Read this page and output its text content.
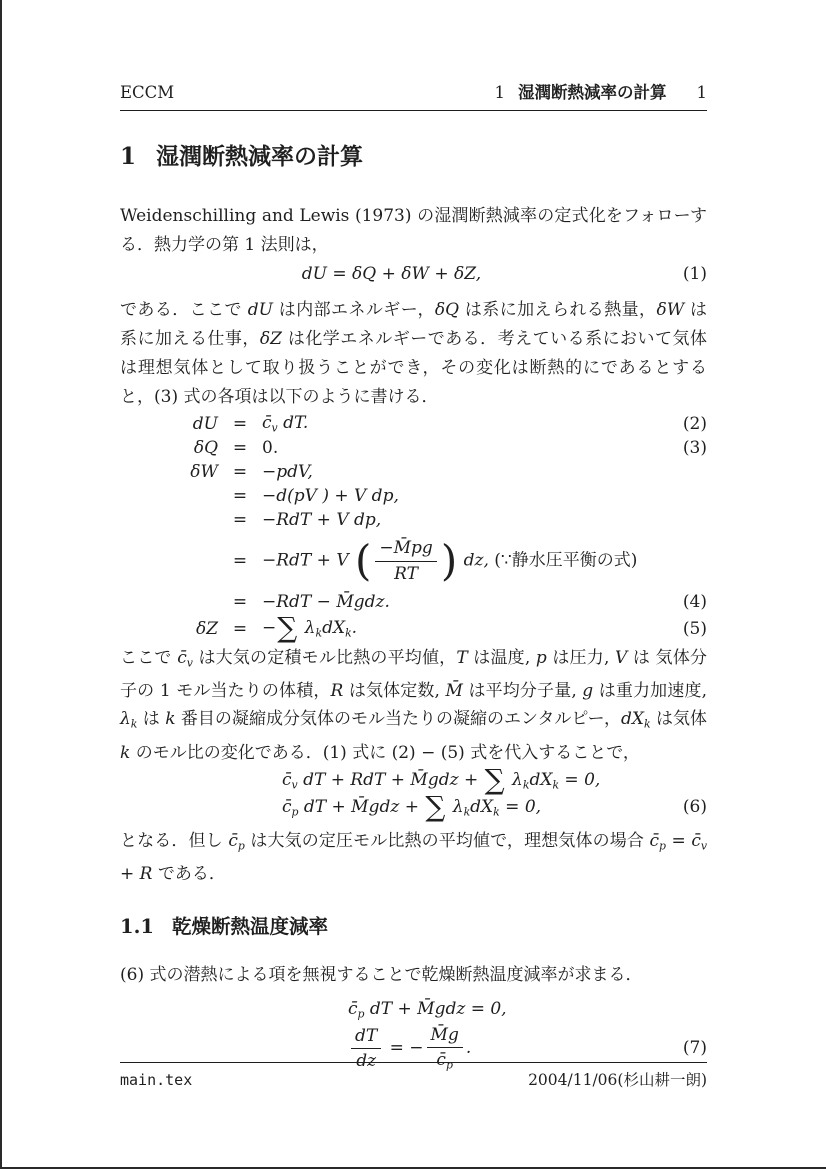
ECCM	1 湿潤断熱減率の計算 1
1 湿潤断熱減率の計算

Weidenschilling and Lewis (1973) の湿潤断熱減率の定式化をフォローする．熱力学の第 1 法則は，

dU = δQ + δW + δZ,	(1)

である．ここで dU は内部エネルギー，δQ は系に加えられる熱量，δW は系に加える仕事，δZ は化学エネルギーである．考えている系において気体は理想気体として取り扱うことができ，その変化は断熱的にであるとすると，(3) 式の各項は以下のように書ける．

dU = $c̄_v$ dT.	(2)
δQ = 0.	(3)
δW = −pdV,
= −d(pV ) + V dp,
= −RdT + V dp,
= −RdT + V ( $\frac{-M̄pg}{RT}$ ) dz, (∵静水圧平衡の式)
= −RdT − M̄gdz.	(4)
δZ = −∑ $\lambda_kdX_k$.	(5)

ここで $c̄_v$ は大気の定積モル比熱の平均値，T は温度, p は圧力, V は 気体分子の 1 モル当たりの体積，R は気体定数, M̄ は平均分子量, g は重力加速度, $\lambda_k$ は k 番目の凝縮成分気体のモル当たりの凝縮のエンタルピー，$dX_k$ は気体 k のモル比の変化である．(1) 式に (2) − (5) 式を代入することで，

$c̄_v$ dT + RdT + M̄gdz + ∑ $\lambda_kdX_k = 0$,
$c̄_p$ dT + M̄gdz + ∑ $\lambda_kdX_k = 0$,	(6)

となる．但し $c̄_p$ は大気の定圧モル比熱の平均値で，理想気体の場合 $c̄_p$ = $c̄_v + R$ である．

1.1 乾燥断熱温度減率

(6) 式の潜熱による項を無視することで乾燥断熱温度減率が求まる．

$c̄_p$ dT + M̄gdz = 0,
$\frac{dT}{dz}$ = − $\frac{M̄g}{c̄_p}$ .	(7)
main.tex	2004/11/06(杉山耕一朗)
